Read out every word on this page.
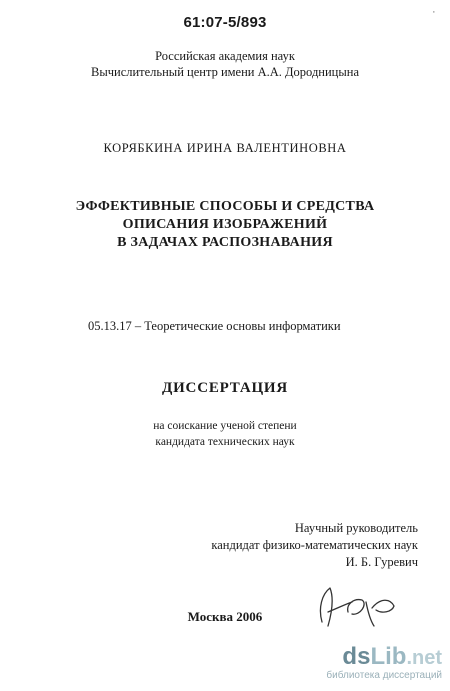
61:07-5/893
·
Российская академия наук
Вычислительный центр имени А.А. Дородницына
КОРЯБКИНА ИРИНА ВАЛЕНТИНОВНА
ЭФФЕКТИВНЫЕ СПОСОБЫ И СРЕДСТВА
ОПИСАНИЯ ИЗОБРАЖЕНИЙ
В ЗАДАЧАХ РАСПОЗНАВАНИЯ
05.13.17 – Теоретические основы информатики
ДИССЕРТАЦИЯ
на соискание ученой степени
кандидата технических наук
Научный руководитель
кандидат физико-математических наук
И. Б. Гуревич
Москва 2006
dsLib.net
библиотека диссертаций
